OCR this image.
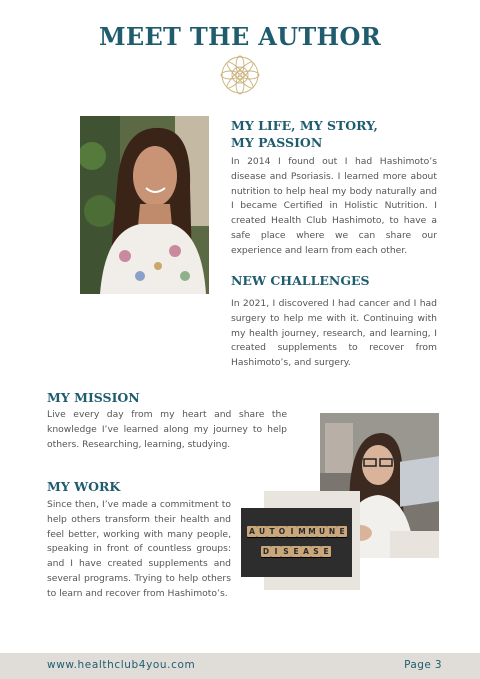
MEET THE AUTHOR
MY LIFE, MY STORY,
MY PASSION

In 2014 I found out I had Hashimoto’s disease and Psoriasis. I learned more about nutrition to help heal my body naturally and I became Certified in Holistic Nutrition. I created Health Club Hashimoto, to have a safe place where we can share our experience and learn from each other.

NEW CHALLENGES

In 2021, I discovered I had cancer and I had surgery to help me with it. Continuing with my health journey, research, and learning, I created supplements to recover from Hashimoto’s, and surgery.

MY MISSION

Live every day from my heart and share the knowledge I’ve learned along my journey to help others. Researching, learning, studying.

MY WORK

Since then, I’ve made a commitment to help others transform their health and feel better, working with many people, speaking in front of countless groups: and I have created supplements and several programs. Trying to help others to learn and recover from Hashimoto’s.

A U T O I M M U N E
D I S E A S E
www.healthclub4you.com	Page 3
